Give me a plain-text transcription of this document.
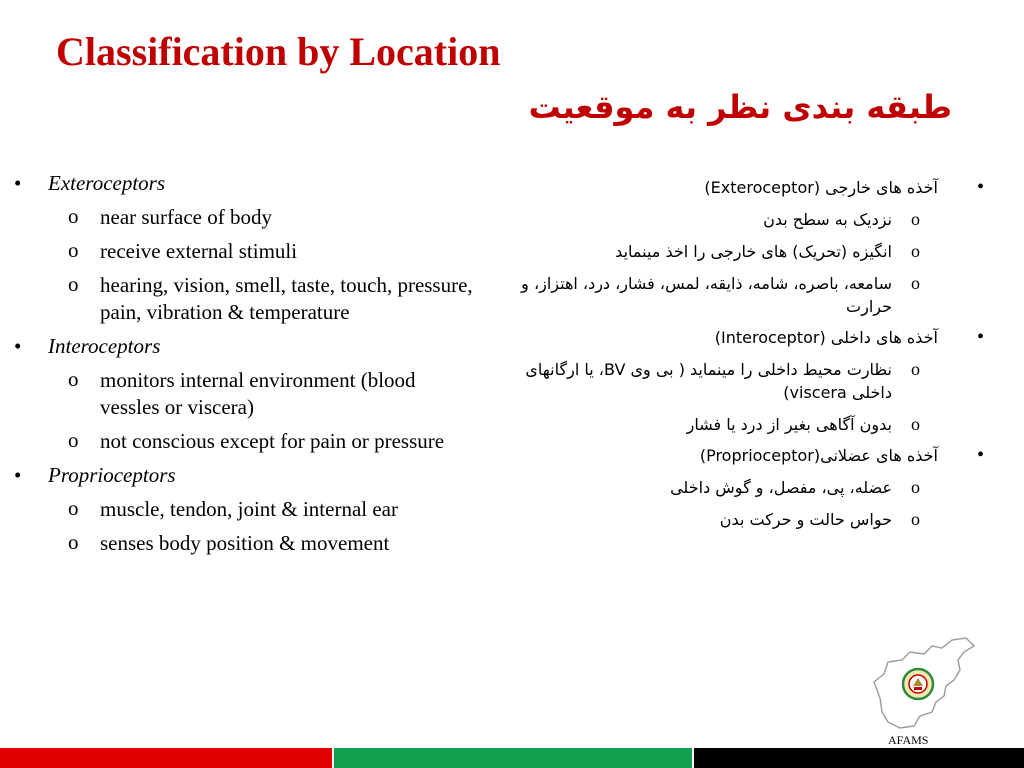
Classification by Location
طبقه بندی نظر به موقعیت
• Exteroceptors
o near surface of body
o receive external stimuli
o hearing, vision, smell, taste, touch, pressure, pain, vibration & temperature
• Interoceptors
o monitors internal environment (blood vessles or viscera)
o not conscious except for pain or pressure
• Proprioceptors
o muscle, tendon, joint & internal ear
o senses body position & movement
•
آخذه های خارجی (Exteroceptor)
o
نزدیک به سطح بدن
o
انگیزه (تحریک) های خارجی را اخذ مینماید
o
سامعه، باصره، شامه، ذایقه، لمس، فشار، درد، اهتزاز، و حرارت
•
آخذه های داخلی (Interoceptor)
o
نظارت محیط داخلی را مینماید ( بی وی BV، یا ارگانهای داخلی viscera)
o
بدون آگاهی بغیر از درد یا فشار
•
آخذه های عضلانی(Proprioceptor)
o
عضله، پی، مفصل، و گوش داخلی
o
حواس حالت و حرکت بدن
AFAMS
